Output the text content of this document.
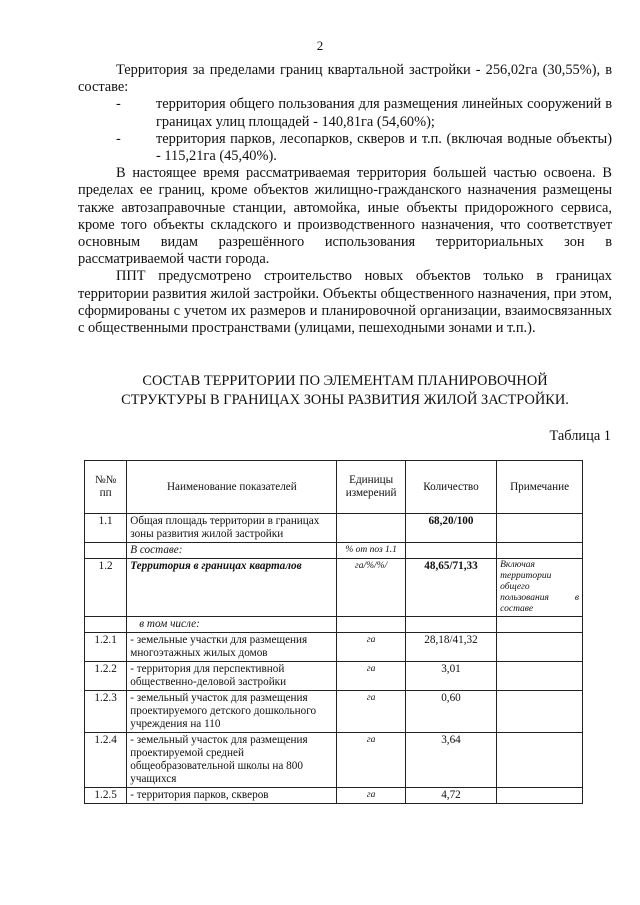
2

Территория за пределами границ квартальной застройки - 256,02га (30,55%), в составе:

-	территория общего пользования для размещения линейных сооружений в границах улиц площадей - 140,81га (54,60%);
-	территория парков, лесопарков, скверов и т.п. (включая водные объекты) - 115,21га (45,40%).

В настоящее время рассматриваемая территория большей частью освоена. В пределах ее границ, кроме объектов жилищно-гражданского назначения размещены также автозаправочные станции, автомойка, иные объекты придорожного сервиса, кроме того объекты складского и производственного назначения, что соответствует основным видам разрешённого использования территориальных зон в рассматриваемой части города.

ППТ предусмотрено строительство новых объектов только в границах территории развития жилой застройки. Объекты общественного назначения, при этом, сформированы с учетом их размеров и планировочной организации, взаимосвязанных с общественными пространствами (улицами, пешеходными зонами и т.п.).

СОСТАВ ТЕРРИТОРИИ ПО ЭЛЕМЕНТАМ ПЛАНИРОВОЧНОЙ
СТРУКТУРЫ В ГРАНИЦАХ ЗОНЫ РАЗВИТИЯ ЖИЛОЙ ЗАСТРОЙКИ.
Таблица 1
№№ пп	Наименование показателей	Единицы измерений	Количество	Примечание
1.1	Общая площадь территории в границах зоны развития жилой застройки		68,20/100	
	В составе:	% от поз 1.1		
1.2	Территория в границах кварталов	га/%/%/	48,65/71,33	Включая территории общего пользования в составе
	в том числе:			
1.2.1	- земельные участки для размещения многоэтажных жилых домов	га	28,18/41,32	
1.2.2	- территория для перспективной общественно-деловой застройки	га	3,01	
1.2.3	- земельный участок для размещения проектируемого детского дошкольного учреждения на 110	га	0,60	
1.2.4	- земельный участок для размещения проектируемой средней общеобразовательной школы на 800 учащихся	га	3,64	
1.2.5	- территория парков, скверов	га	4,72	
